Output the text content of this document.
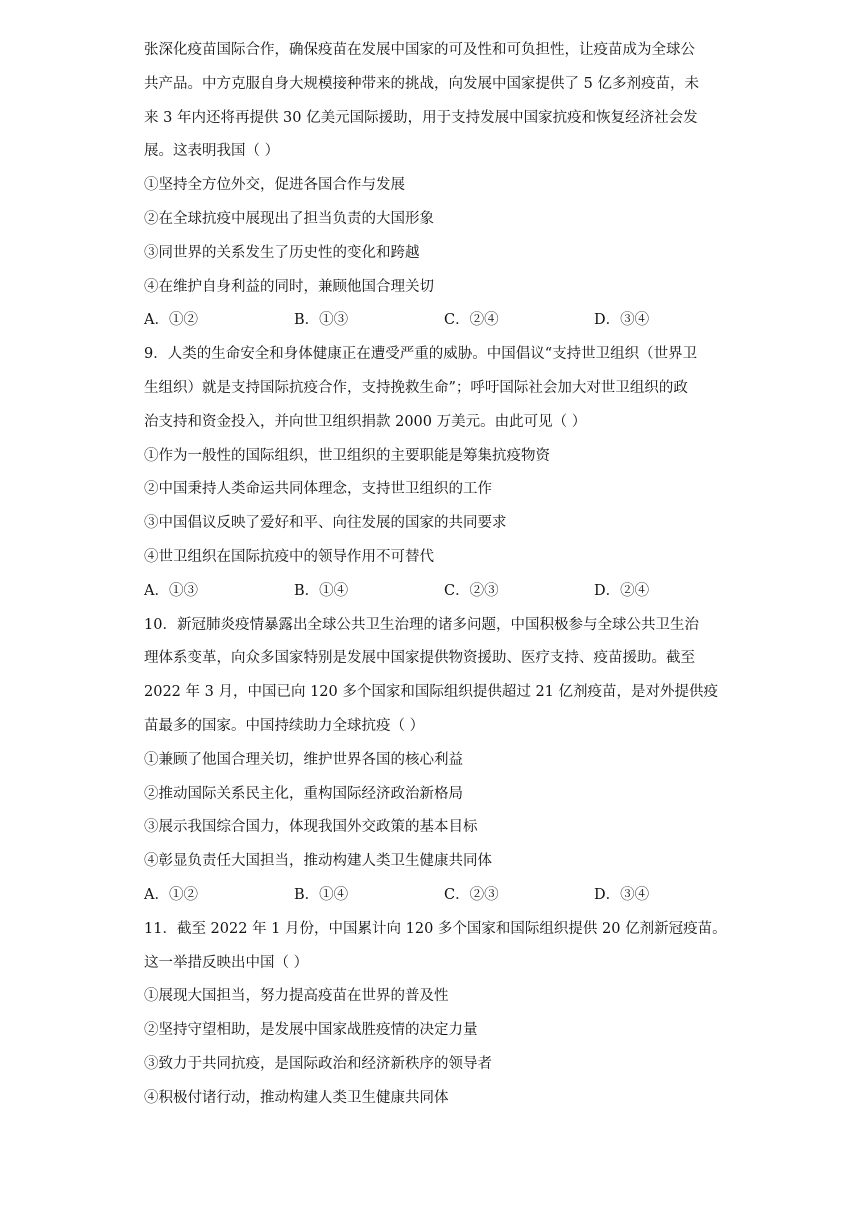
张深化疫苗国际合作，确保疫苗在发展中国家的可及性和可负担性，让疫苗成为全球公
共产品。中方克服自身大规模接种带来的挑战，向发展中国家提供了 5 亿多剂疫苗，未
来 3 年内还将再提供 30 亿美元国际援助，用于支持发展中国家抗疫和恢复经济社会发
展。这表明我国（ ）
①坚持全方位外交，促进各国合作与发展
②在全球抗疫中展现出了担当负责的大国形象
③同世界的关系发生了历史性的变化和跨越
④在维护自身利益的同时，兼顾他国合理关切
A．①②	B．①③	C．②④	D．③④
9．人类的生命安全和身体健康正在遭受严重的威胁。中国倡议“支持世卫组织（世界卫
生组织）就是支持国际抗疫合作，支持挽救生命”；呼吁国际社会加大对世卫组织的政
治支持和资金投入，并向世卫组织捐款 2000 万美元。由此可见（ ）
①作为一般性的国际组织，世卫组织的主要职能是筹集抗疫物资
②中国秉持人类命运共同体理念，支持世卫组织的工作
③中国倡议反映了爱好和平、向往发展的国家的共同要求
④世卫组织在国际抗疫中的领导作用不可替代
A．①③	B．①④	C．②③	D．②④
10．新冠肺炎疫情暴露出全球公共卫生治理的诸多问题，中国积极参与全球公共卫生治
理体系变革，向众多国家特别是发展中国家提供物资援助、医疗支持、疫苗援助。截至
2022 年 3 月，中国已向 120 多个国家和国际组织提供超过 21 亿剂疫苗，是对外提供疫
苗最多的国家。中国持续助力全球抗疫（ ）
①兼顾了他国合理关切，维护世界各国的核心利益
②推动国际关系民主化，重构国际经济政治新格局
③展示我国综合国力，体现我国外交政策的基本目标
④彰显负责任大国担当，推动构建人类卫生健康共同体
A．①②	B．①④	C．②③	D．③④
11．截至 2022 年 1 月份，中国累计向 120 多个国家和国际组织提供 20 亿剂新冠疫苗。
这一举措反映出中国（ ）
①展现大国担当，努力提高疫苗在世界的普及性
②坚持守望相助，是发展中国家战胜疫情的决定力量
③致力于共同抗疫，是国际政治和经济新秩序的领导者
④积极付诸行动，推动构建人类卫生健康共同体
